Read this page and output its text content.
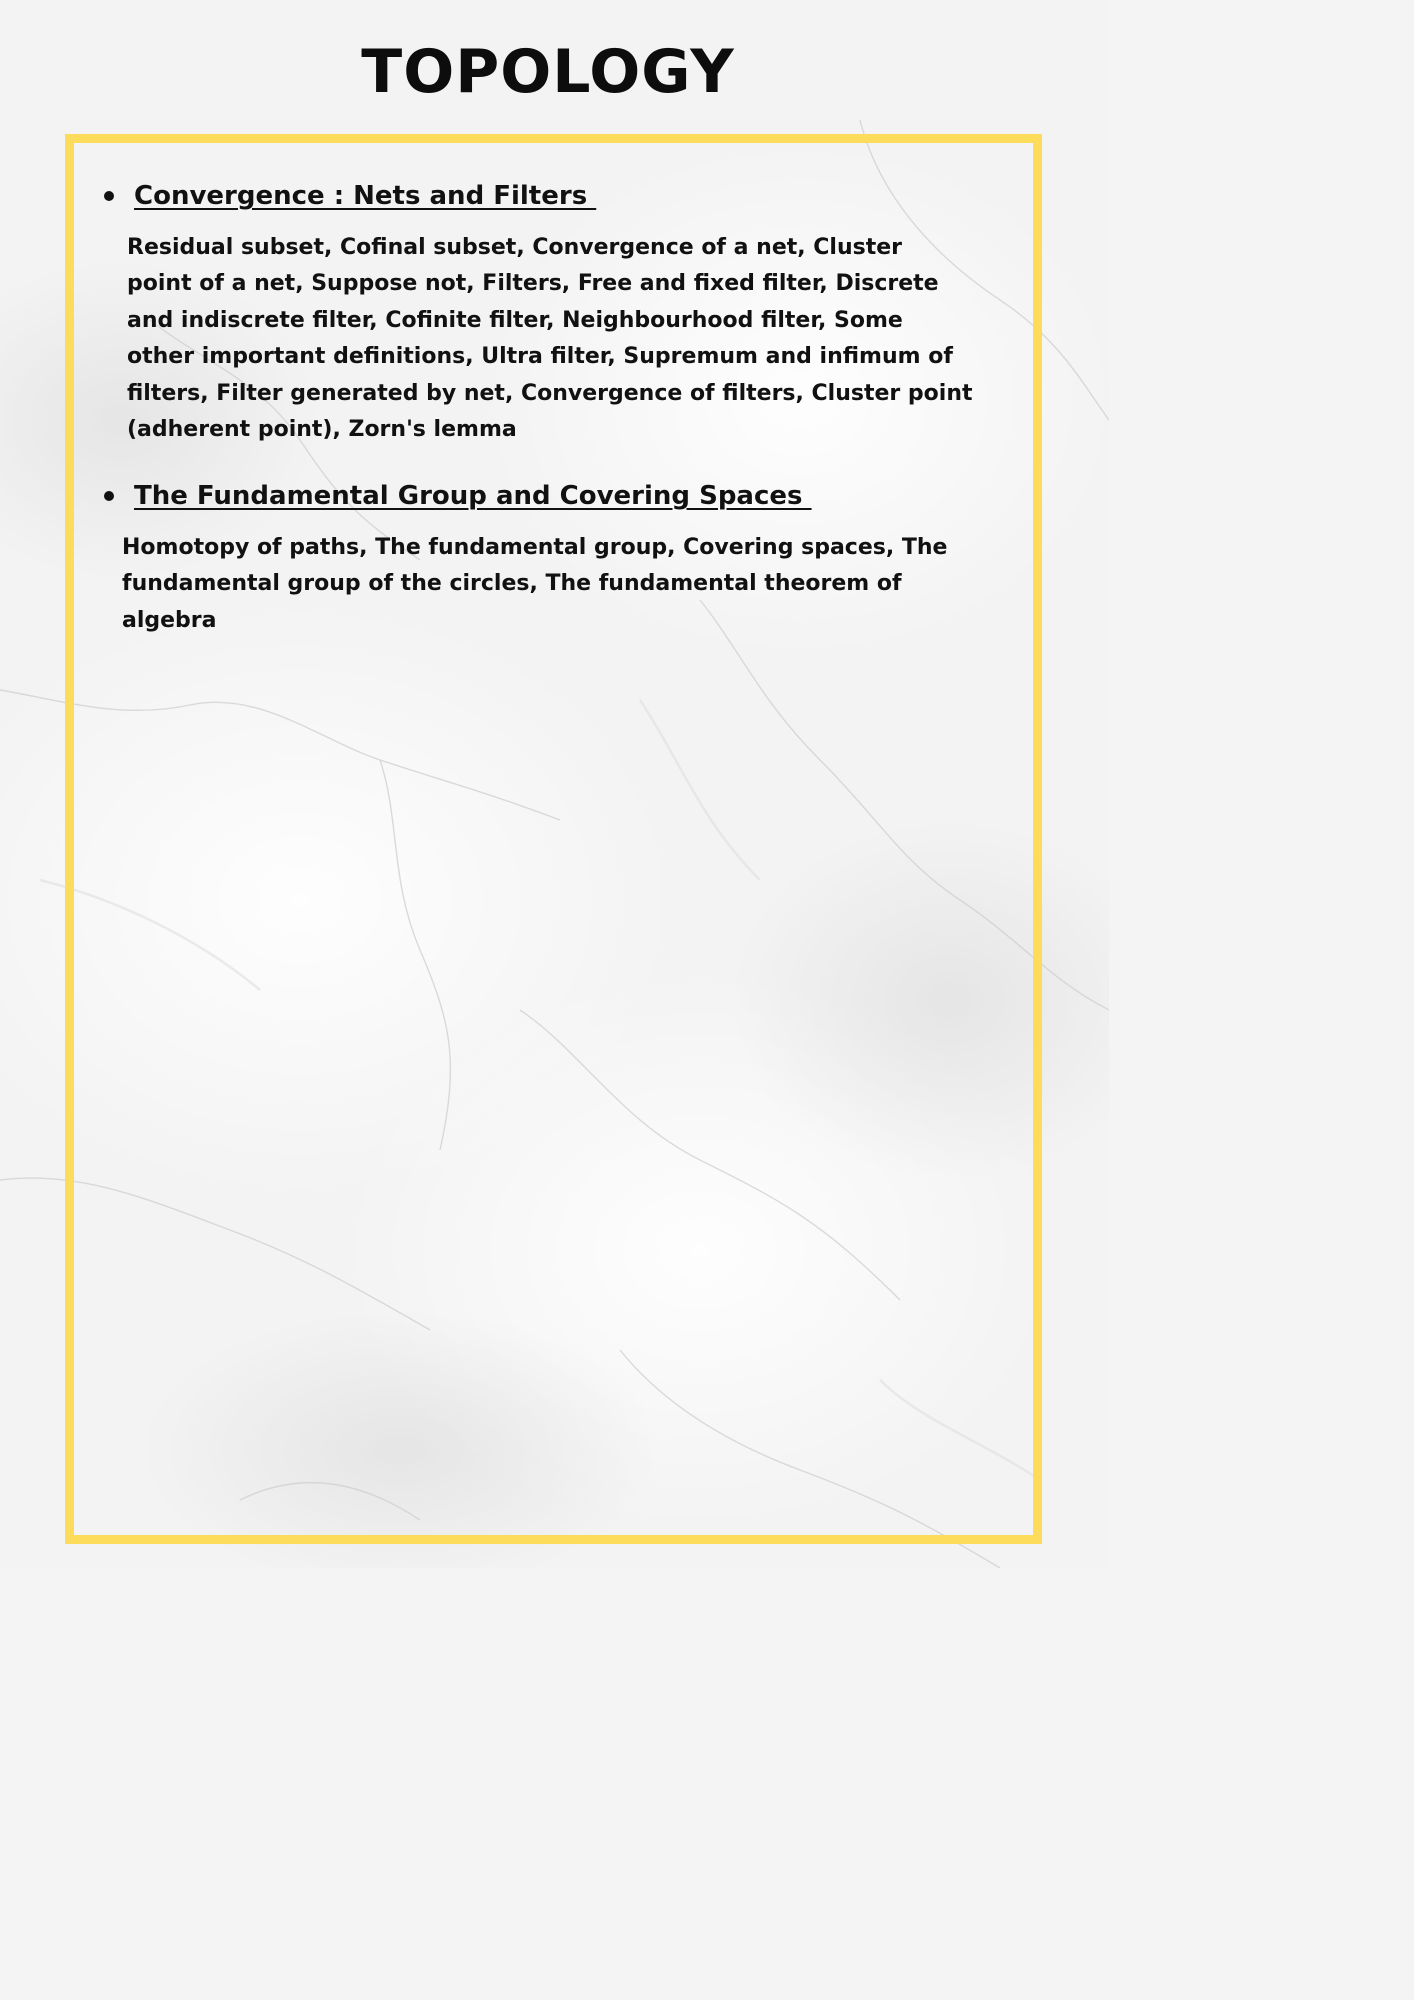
TOPOLOGY
Convergence : Nets and Filters

Residual subset, Cofinal subset, Convergence of a net, Cluster
point of a net, Suppose not, Filters, Free and fixed filter, Discrete
and indiscrete filter, Cofinite filter, Neighbourhood filter, Some
other important definitions, Ultra filter, Supremum and infimum of
filters, Filter generated by net, Convergence of filters, Cluster point
(adherent point), Zorn's lemma

The Fundamental Group and Covering Spaces

Homotopy of paths, The fundamental group, Covering spaces, The
fundamental group of the circles, The fundamental theorem of
algebra
